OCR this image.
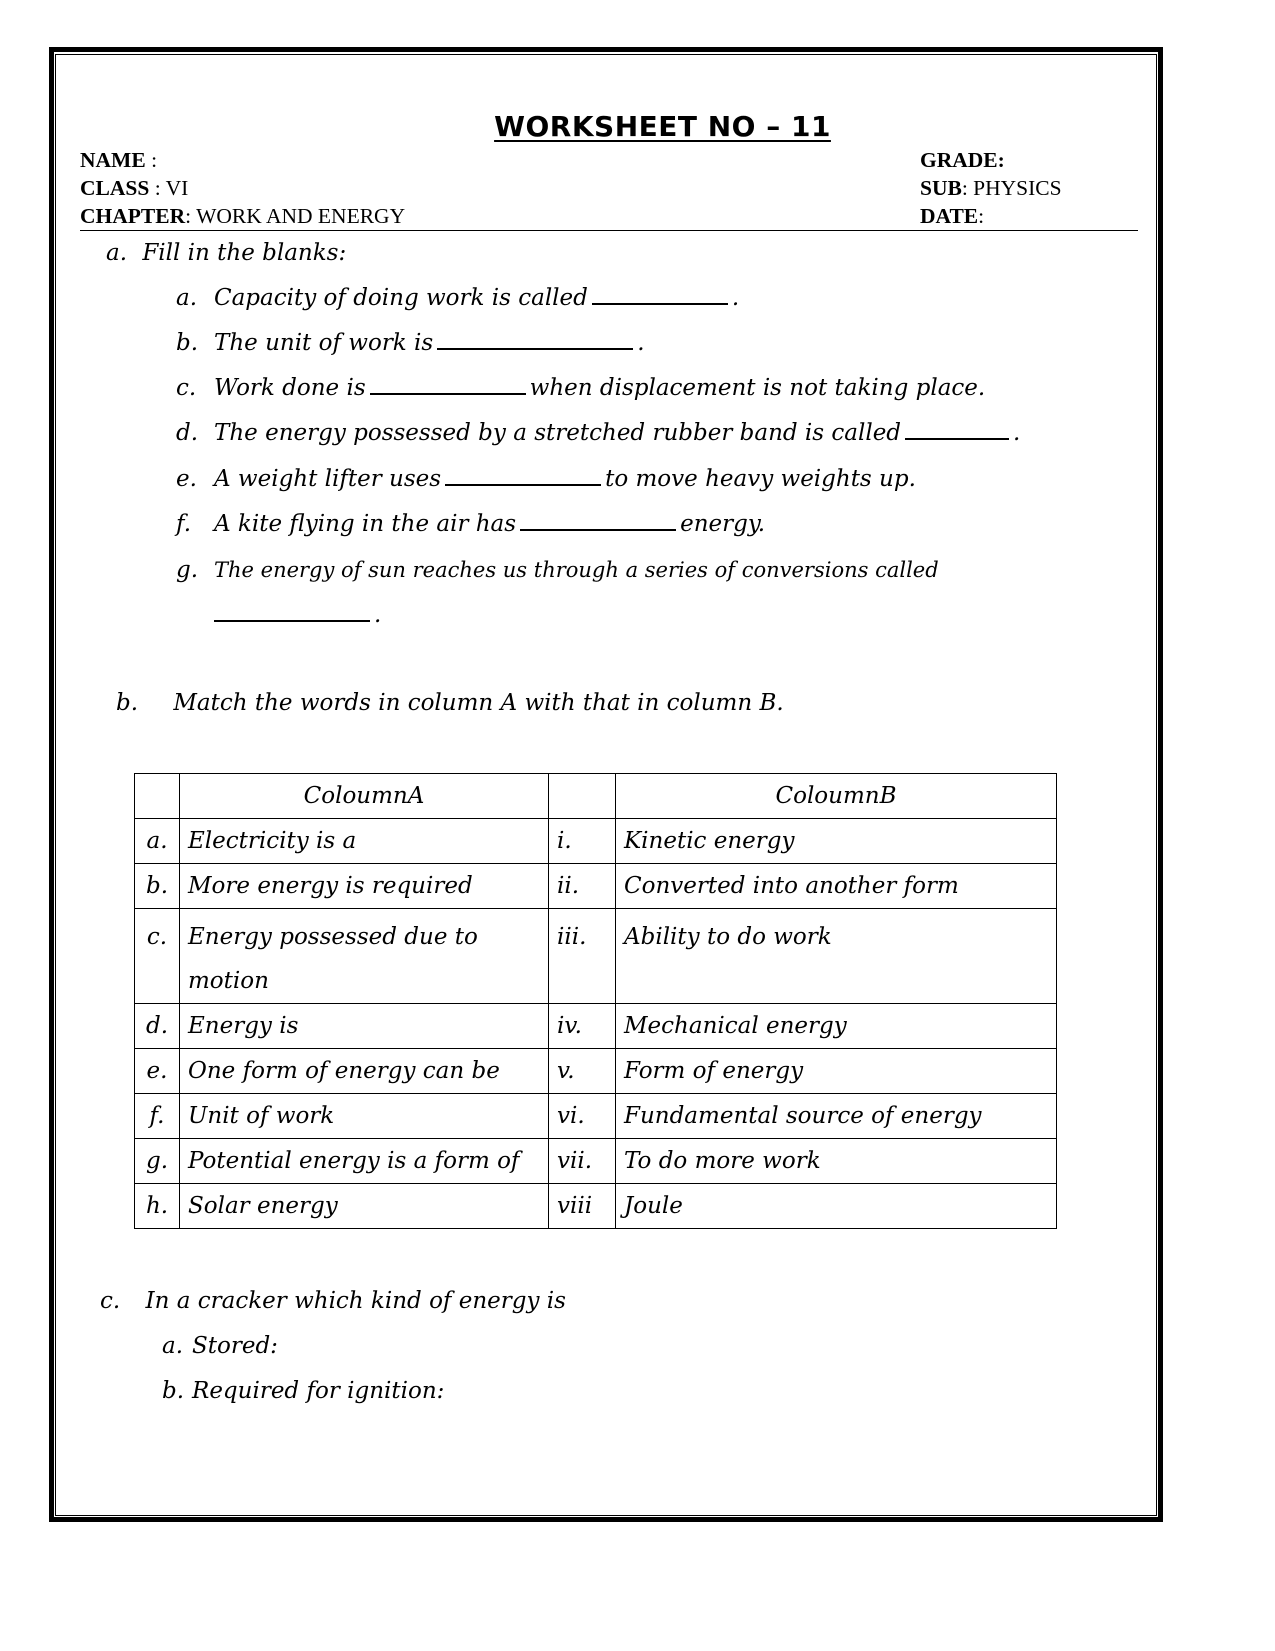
WORKSHEET NO – 11
NAME :
CLASS : VI
CHAPTER: WORK AND ENERGY
GRADE:
SUB: PHYSICS
DATE:
a. Fill in the blanks:
a. Capacity of doing work is called	.
b. The unit of work is	.
c. Work done is	when displacement is not taking place.
d. The energy possessed by a stretched rubber band is called	.
e. A weight lifter uses	to move heavy weights up.
f. A kite flying in the air has	energy.
g. The energy of sun reaches us through a series of conversions called
.
b. Match the words in column A with that in column B.
	ColoumnA		ColoumnB
a.	Electricity is a	i.	Kinetic energy
b.	More energy is required	ii.	Converted into another form
c.	Energy possessed due to motion	iii.	Ability to do work
d.	Energy is	iv.	Mechanical energy
e.	One form of energy can be	v.	Form of energy
f.	Unit of work	vi.	Fundamental source of energy
g.	Potential energy is a form of	vii.	To do more work
h.	Solar energy	viii	Joule
c. In a cracker which kind of energy is
a. Stored:
b. Required for ignition:
